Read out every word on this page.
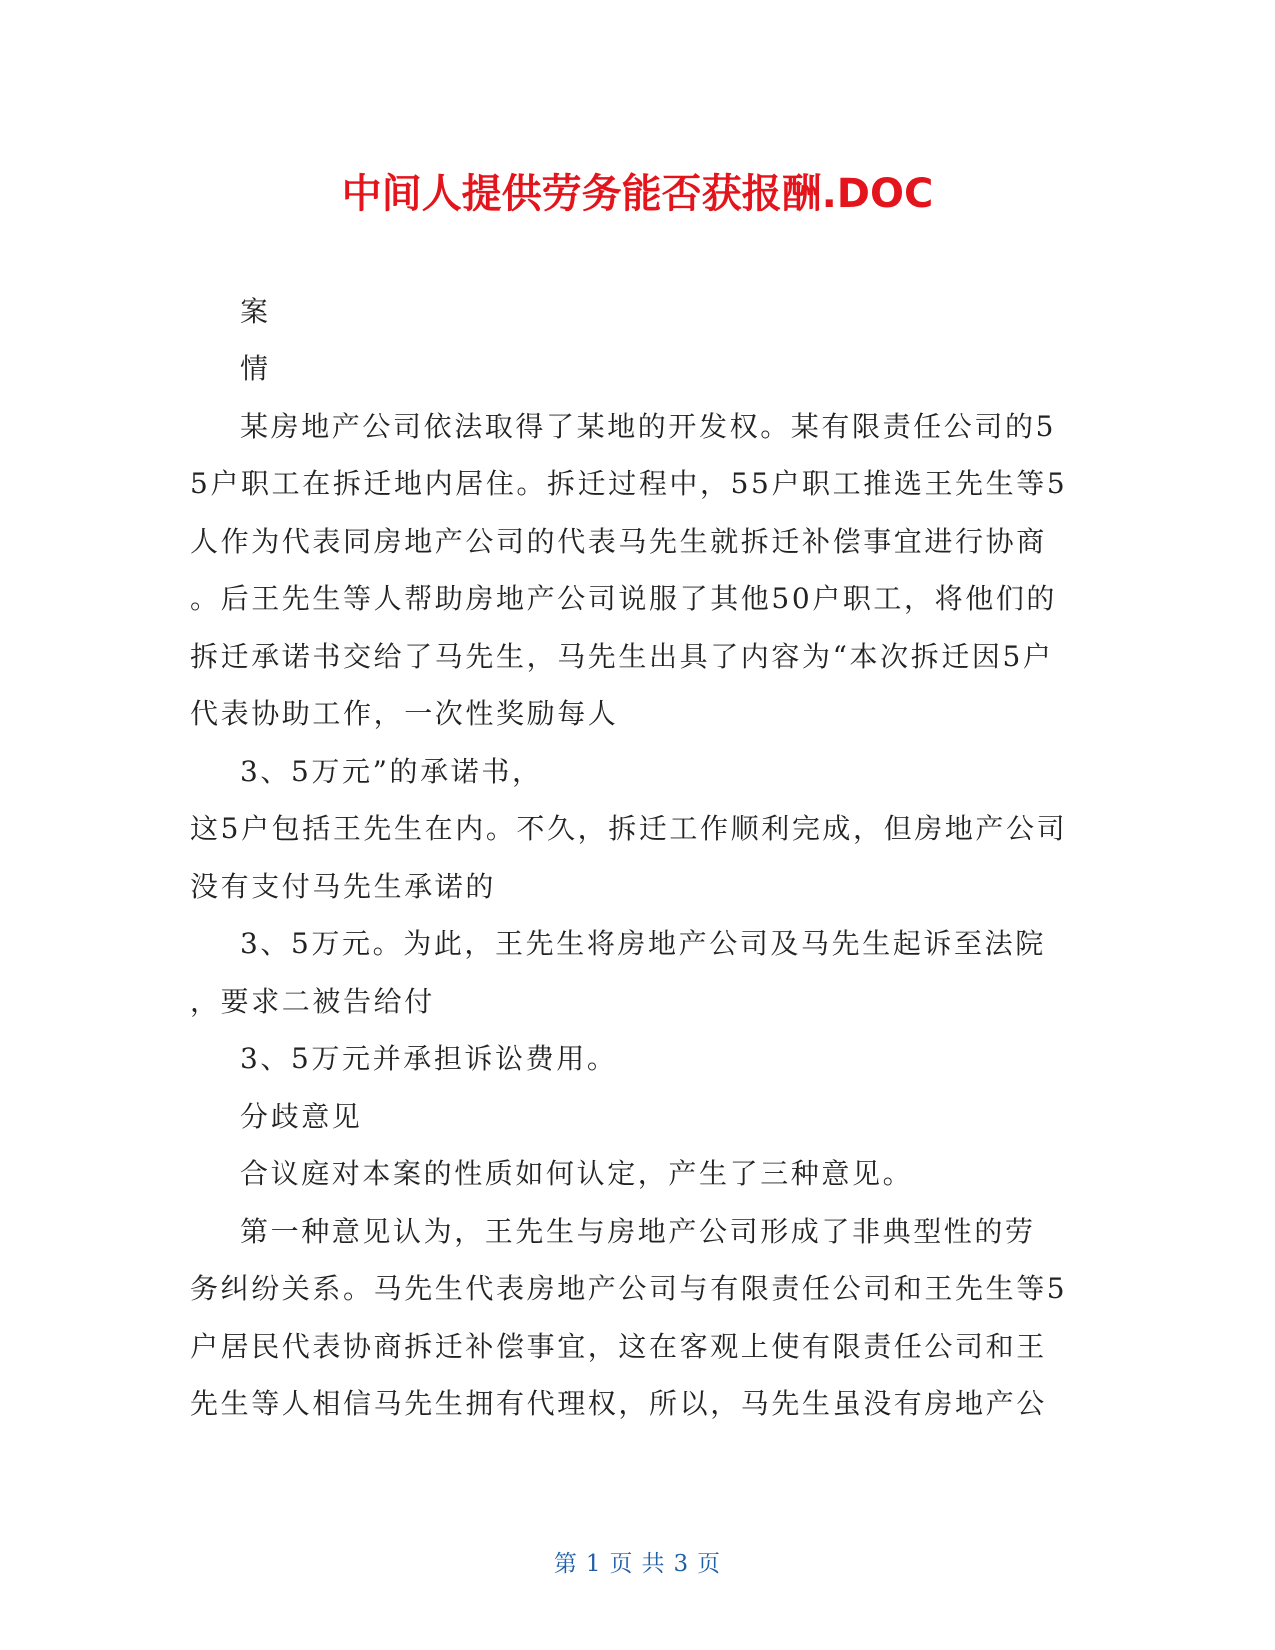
中间人提供劳务能否获报酬.DOC
案
情
某房地产公司依法取得了某地的开发权。某有限责任公司的5
5户职工在拆迁地内居住。拆迁过程中，55户职工推选王先生等5
人作为代表同房地产公司的代表马先生就拆迁补偿事宜进行协商
。后王先生等人帮助房地产公司说服了其他50户职工，将他们的
拆迁承诺书交给了马先生，马先生出具了内容为“本次拆迁因5户
代表协助工作，一次性奖励每人
3、5万元”的承诺书，
这5户包括王先生在内。不久，拆迁工作顺利完成，但房地产公司
没有支付马先生承诺的
3、5万元。为此，王先生将房地产公司及马先生起诉至法院
，要求二被告给付
3、5万元并承担诉讼费用。
分歧意见
合议庭对本案的性质如何认定，产生了三种意见。
第一种意见认为，王先生与房地产公司形成了非典型性的劳
务纠纷关系。马先生代表房地产公司与有限责任公司和王先生等5
户居民代表协商拆迁补偿事宜，这在客观上使有限责任公司和王
先生等人相信马先生拥有代理权，所以，马先生虽没有房地产公
第 1 页 共 3 页
